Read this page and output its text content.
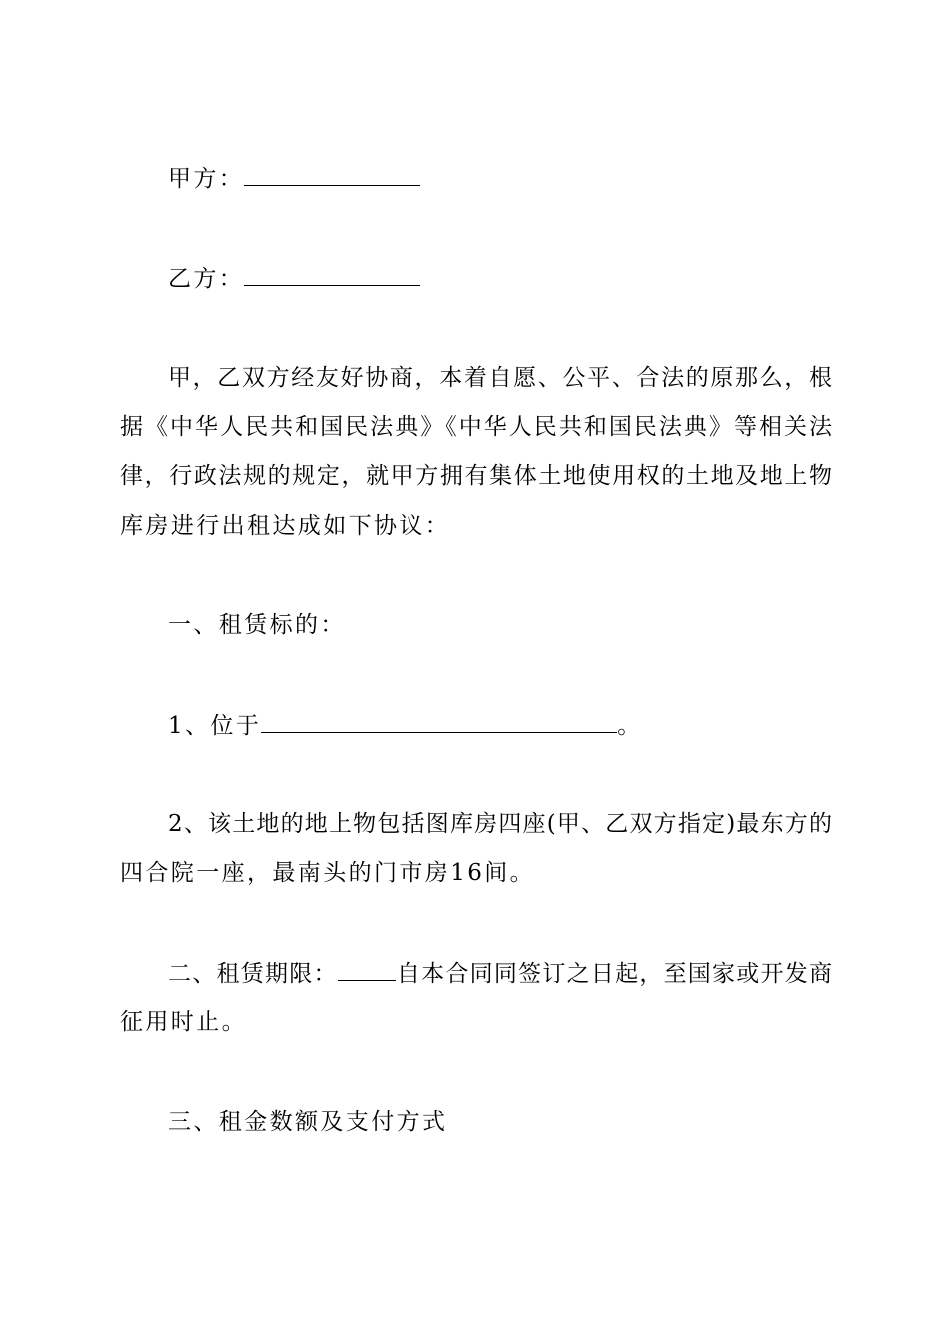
甲方：
乙方：
甲，乙双方经友好协商，本着自愿、公平、合法的原那么，根
据《中华人民共和国民法典》《中华人民共和国民法典》等相关法
律，行政法规的规定，就甲方拥有集体土地使用权的土地及地上物
库房进行出租达成如下协议：
一、租赁标的：
1、位于	。
2、该土地的地上物包括图库房四座(甲、乙双方指定)最东方的
四合院一座，最南头的门市房16间。
二、租赁期限：	自本合同同签订之日起，至国家或开发商
征用时止。
三、租金数额及支付方式
